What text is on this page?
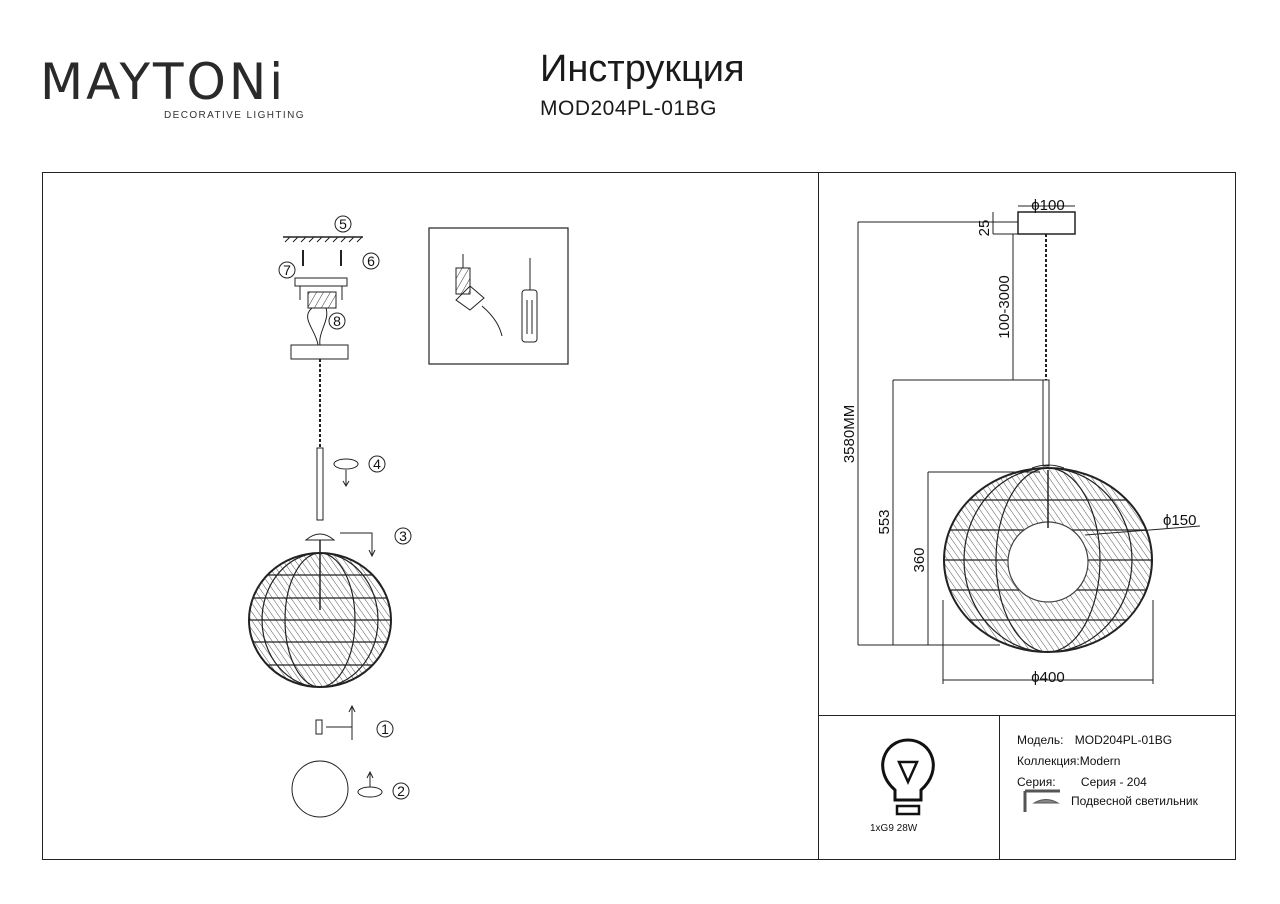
MAYTONi
DECORATIVE LIGHTING
Инструкция
MOD204PL-01BG
5
6
7
8
4
3
1
2
ϕ100
25
100-3000
3580MM
553
360
ϕ150
ϕ400
1xG9 28W
Модель: MOD204PL-01BG
Коллекция:Modern
Серия: Серия - 204
Подвесной светильник
